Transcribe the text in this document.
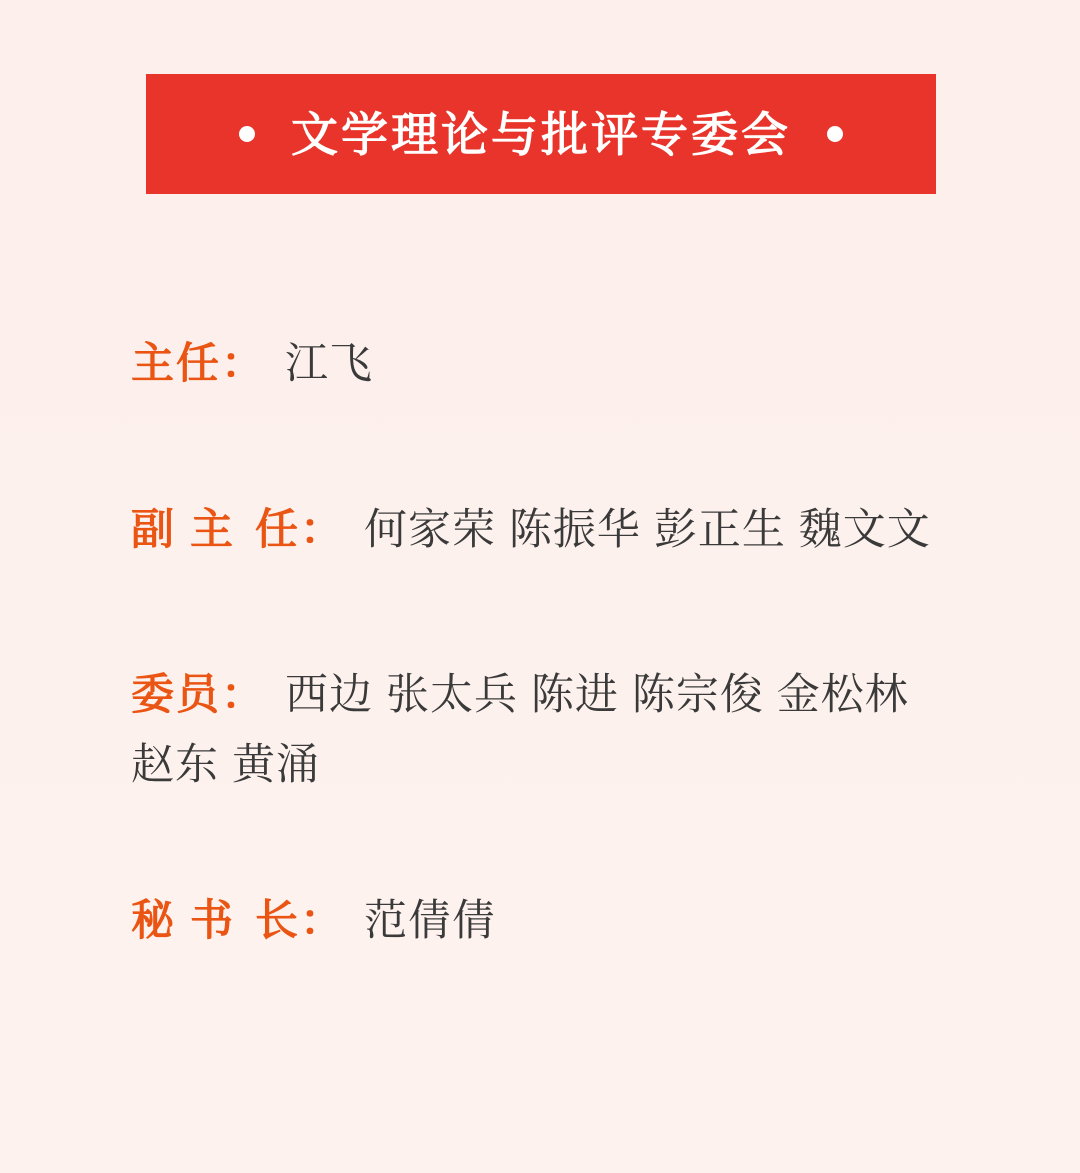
文学理论与批评专委会
主任： 江飞
副 主 任： 何家荣 陈振华 彭正生 魏文文
委员： 西边 张太兵 陈进 陈宗俊 金松林 赵东 黄涌
秘 书 长： 范倩倩
